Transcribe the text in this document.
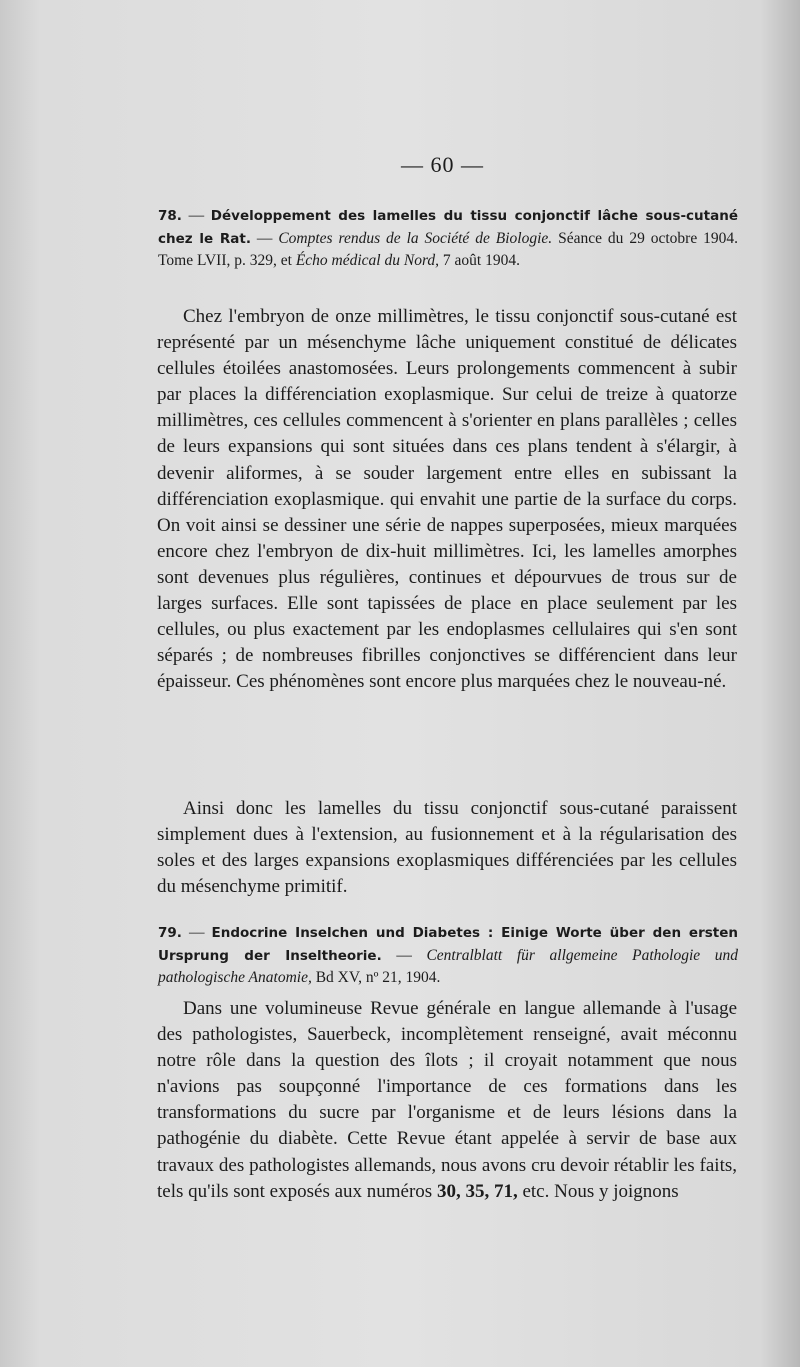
— 60 —
78. — Développement des lamelles du tissu conjonctif lâche sous-cutané chez le Rat. — Comptes rendus de la Société de Biologie. Séance du 29 octobre 1904. Tome LVII, p. 329, et Écho médical du Nord, 7 août 1904.

Chez l'embryon de onze millimètres, le tissu conjonctif sous-cutané est représenté par un mésenchyme lâche uniquement constitué de délicates cellules étoilées anastomosées. Leurs prolongements commencent à subir par places la différenciation exoplasmique. Sur celui de treize à quatorze millimètres, ces cellules commencent à s'orienter en plans parallèles ; celles de leurs expansions qui sont situées dans ces plans tendent à s'élargir, à devenir aliformes, à se souder largement entre elles en subissant la différenciation exoplasmique. qui envahit une partie de la surface du corps. On voit ainsi se dessiner une série de nappes superposées, mieux marquées encore chez l'embryon de dix-huit millimètres. Ici, les lamelles amorphes sont devenues plus régulières, continues et dépourvues de trous sur de larges surfaces. Elle sont tapissées de place en place seulement par les cellules, ou plus exactement par les endoplasmes cellulaires qui s'en sont séparés ; de nombreuses fibrilles conjonctives se différencient dans leur épaisseur. Ces phénomènes sont encore plus marquées chez le nouveau-né.

Ainsi donc les lamelles du tissu conjonctif sous-cutané paraissent simplement dues à l'extension, au fusionnement et à la régularisation des soles et des larges expansions exoplasmiques différenciées par les cellules du mésenchyme primitif.

79. — Endocrine Inselchen und Diabetes : Einige Worte über den ersten Ursprung der Inseltheorie. — Centralblatt für allgemeine Pathologie und pathologische Anatomie, Bd XV, nº 21, 1904.

Dans une volumineuse Revue générale en langue allemande à l'usage des pathologistes, Sauerbeck, incomplètement renseigné, avait méconnu notre rôle dans la question des îlots ; il croyait notamment que nous n'avions pas soupçonné l'importance de ces formations dans les transformations du sucre par l'organisme et de leurs lésions dans la pathogénie du diabète. Cette Revue étant appelée à servir de base aux travaux des pathologistes allemands, nous avons cru devoir rétablir les faits, tels qu'ils sont exposés aux numéros 30, 35, 71, etc. Nous y joignons
